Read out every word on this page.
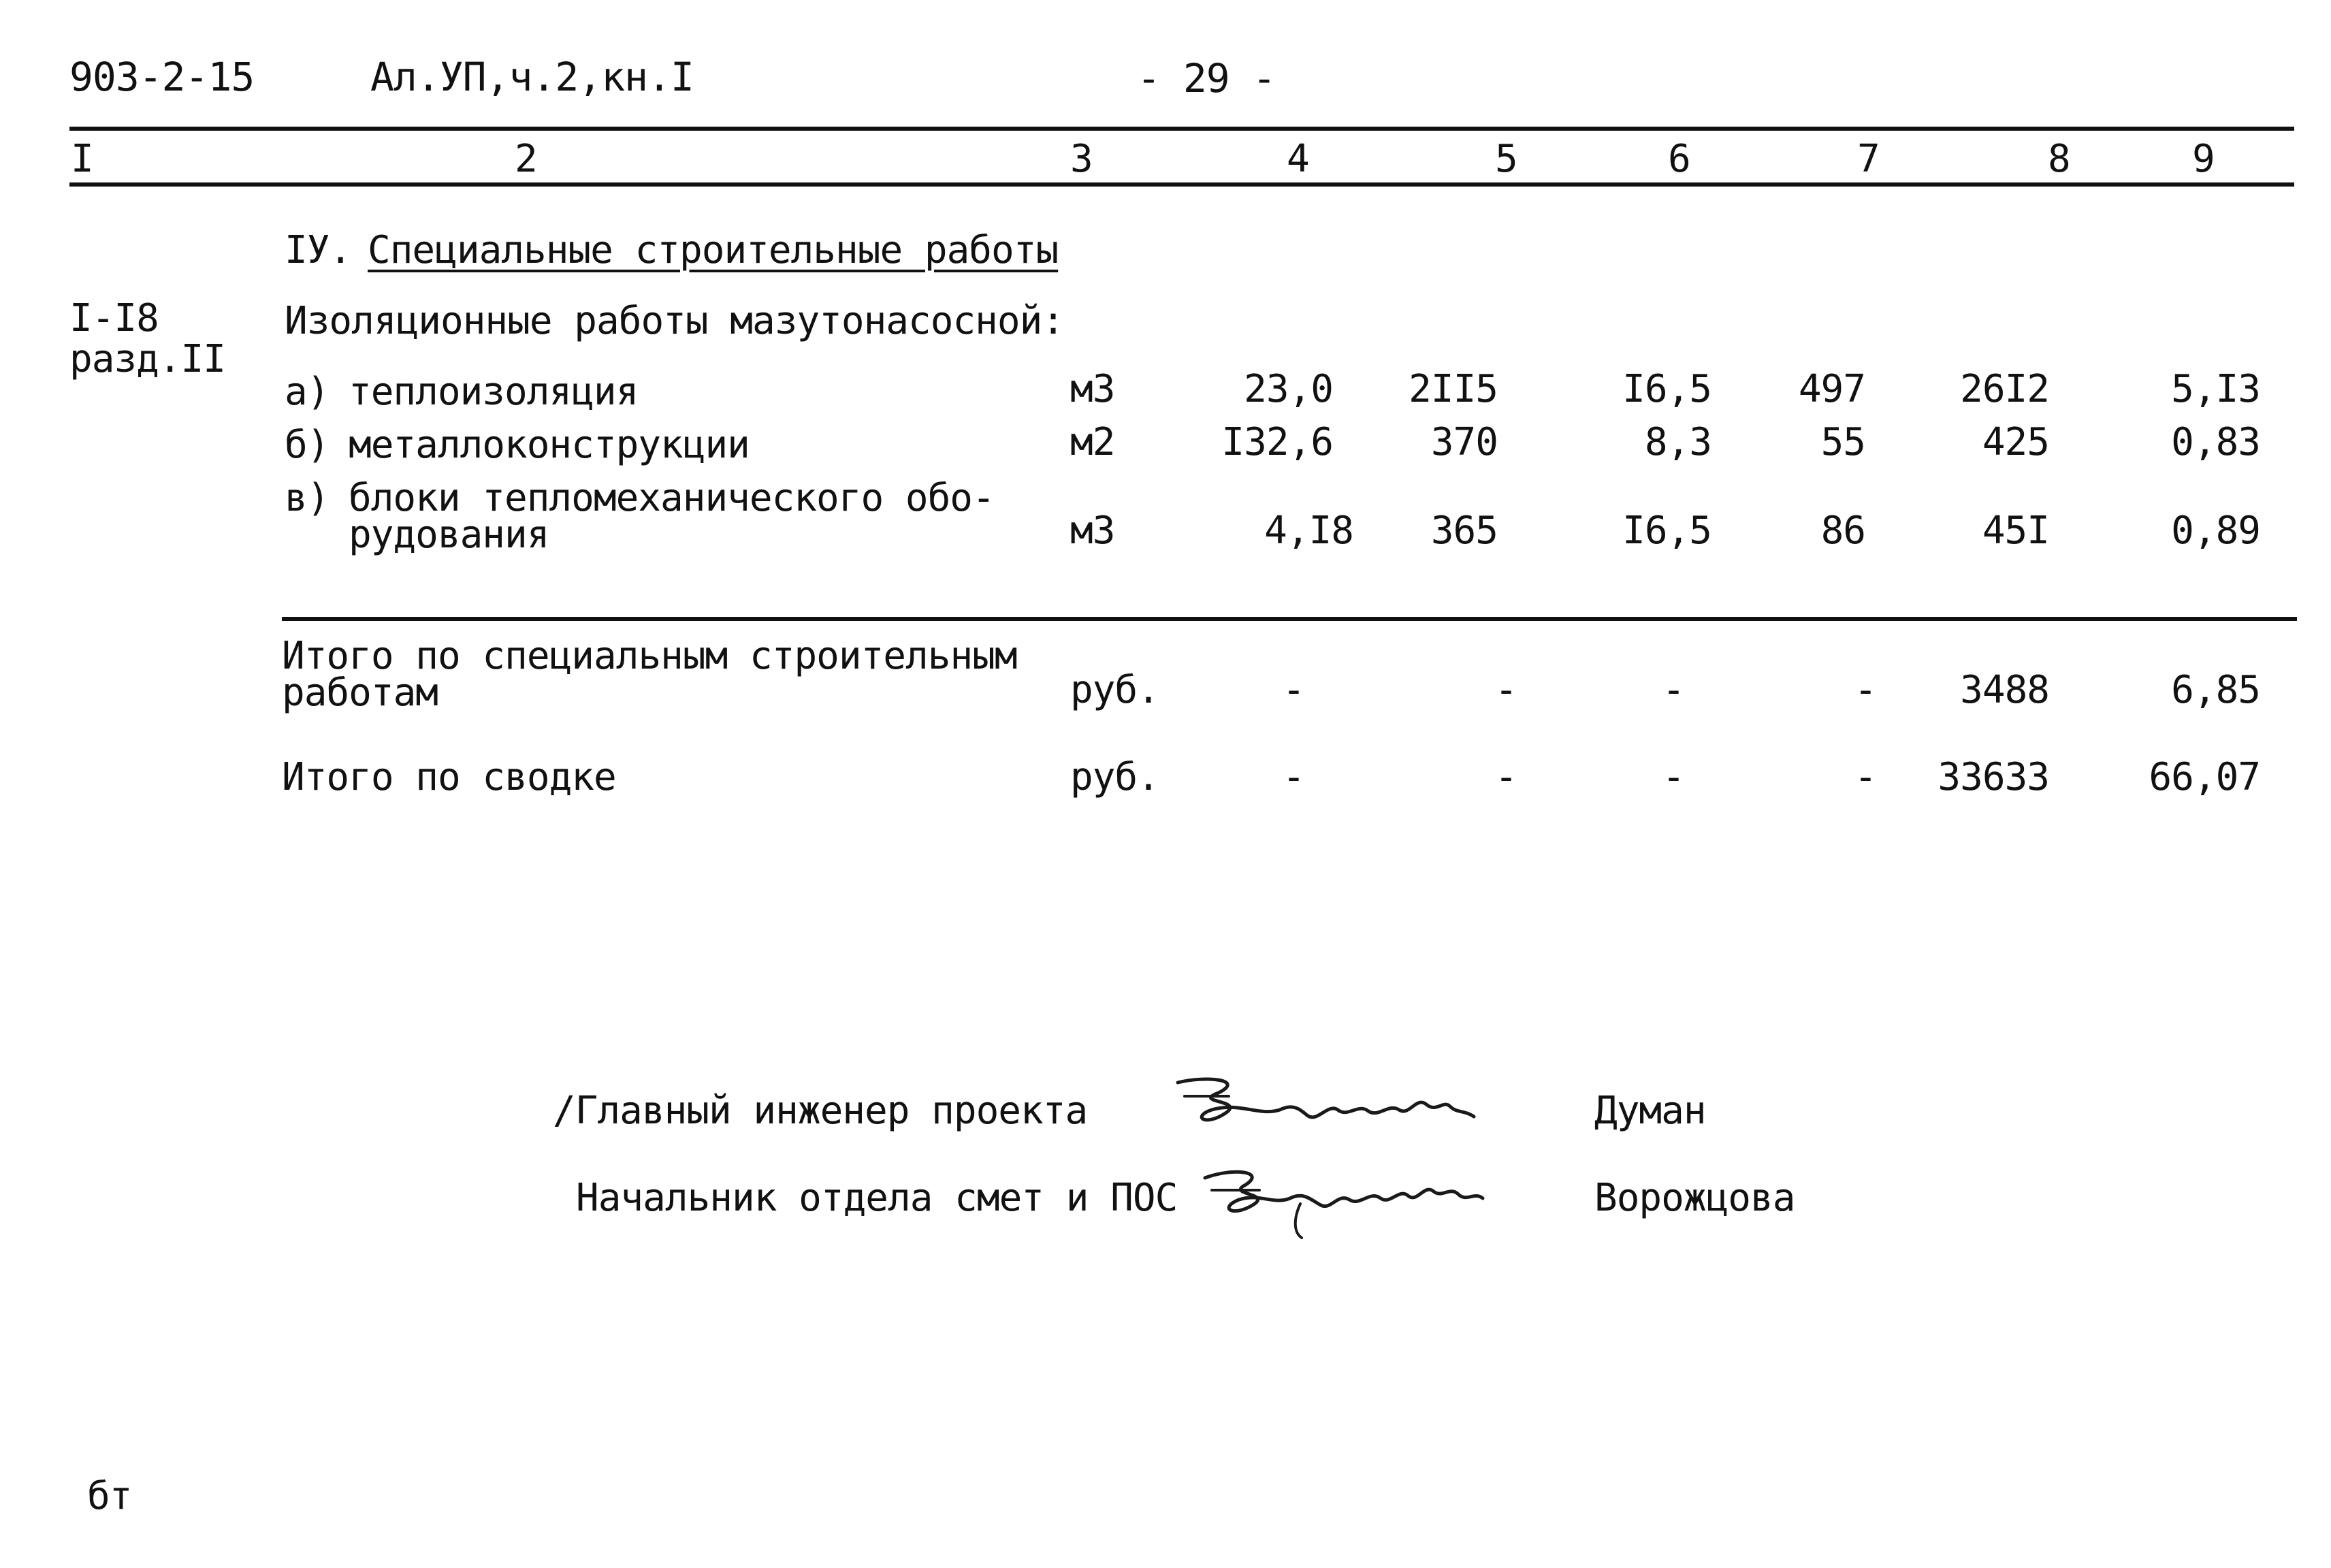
903-2-15	Ал.УП,ч.2,кн.I	- 29 -
I	2	3	4	5	6	7	8	9
IУ. Специальные строительные работы
I-I8
разд.II
Изоляционные работы мазутонасосной:
а) теплоизоляция	м3	23,0	2II5	I6,5	497	26I2	5,I3
б) металлоконструкции	м2	I32,6	370	8,3	55	425	0,83
в) блоки тепломеханического обо-
рудования	м3	4,I8	365	I6,5	86	45I	0,89
Итого по специальным строительным
работам	руб.	-	-	-	-	3488	6,85
Итого по сводке	руб.	-	-	-	-	33633	66,07
/Главный инженер проекта	Думан
Начальник отдела смет и ПОС	Ворожцова
бт
